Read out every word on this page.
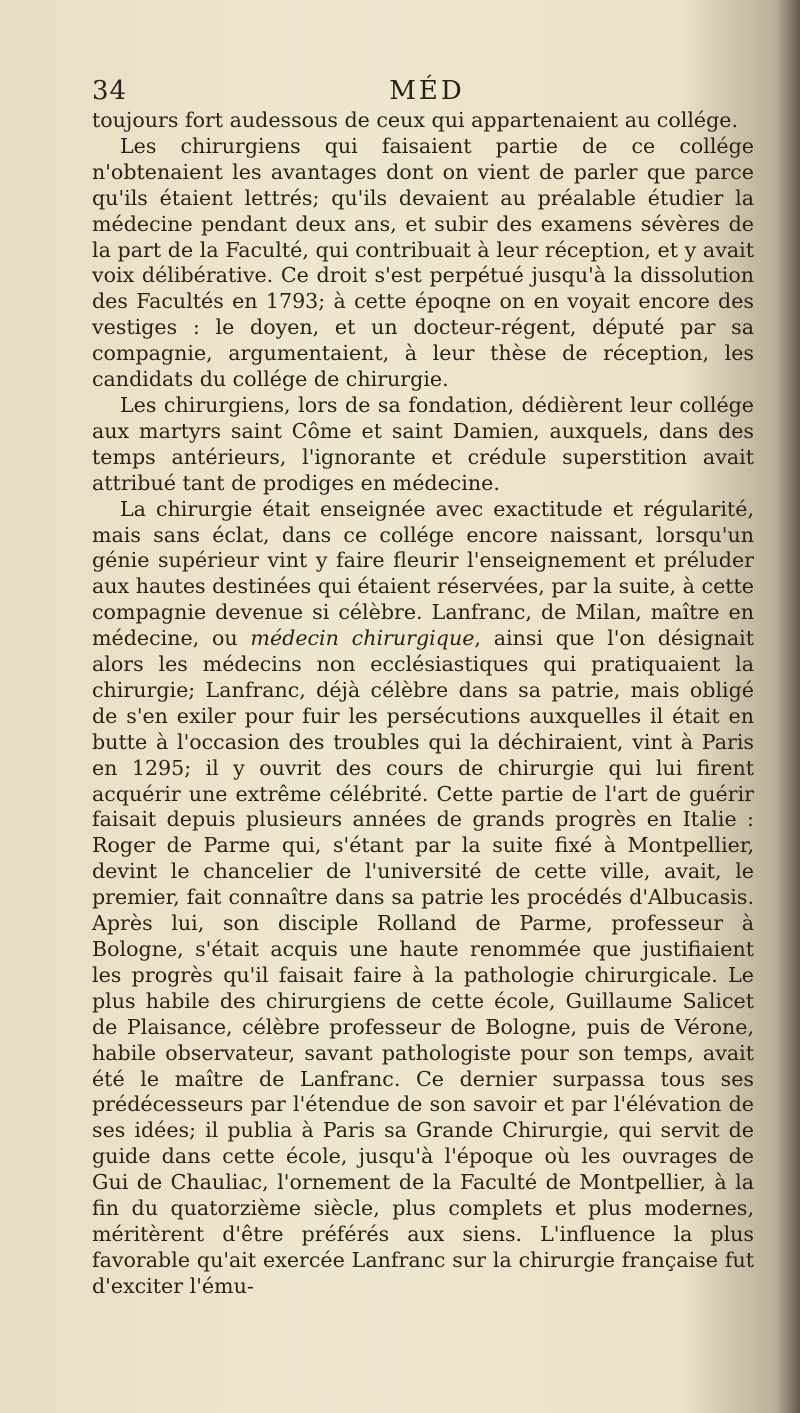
34	MÉD

toujours fort audessous de ceux qui appartenaient au collége.

Les chirurgiens qui faisaient partie de ce collége n'obtenaient les avantages dont on vient de parler que parce qu'ils étaient lettrés; qu'ils devaient au préalable étudier la médecine pendant deux ans, et subir des examens sévères de la part de la Faculté, qui contribuait à leur réception, et y avait voix délibérative. Ce droit s'est perpétué jusqu'à la dissolution des Facultés en 1793; à cette époqne on en voyait encore des vestiges : le doyen, et un docteur-régent, député par sa compagnie, argumentaient, à leur thèse de réception, les candidats du collége de chirurgie.

Les chirurgiens, lors de sa fondation, dédièrent leur collége aux martyrs saint Côme et saint Damien, auxquels, dans des temps antérieurs, l'ignorante et crédule superstition avait attribué tant de prodiges en médecine.

La chirurgie était enseignée avec exactitude et régularité, mais sans éclat, dans ce collége encore naissant, lorsqu'un génie supérieur vint y faire fleurir l'enseignement et préluder aux hautes destinées qui étaient réservées, par la suite, à cette compagnie devenue si célèbre. Lanfranc, de Milan, maître en médecine, ou médecin chirurgique, ainsi que l'on désignait alors les médecins non ecclésiastiques qui pratiquaient la chirurgie; Lanfranc, déjà célèbre dans sa patrie, mais obligé de s'en exiler pour fuir les persécutions auxquelles il était en butte à l'occasion des troubles qui la déchiraient, vint à Paris en 1295; il y ouvrit des cours de chirurgie qui lui firent acquérir une extrême célébrité. Cette partie de l'art de guérir faisait depuis plusieurs années de grands progrès en Italie : Roger de Parme qui, s'étant par la suite fixé à Montpellier, devint le chancelier de l'université de cette ville, avait, le premier, fait connaître dans sa patrie les procédés d'Albucasis. Après lui, son disciple Rolland de Parme, professeur à Bologne, s'était acquis une haute renommée que justifiaient les progrès qu'il faisait faire à la pathologie chirurgicale. Le plus habile des chirurgiens de cette école, Guillaume Salicet de Plaisance, célèbre professeur de Bologne, puis de Vérone, habile observateur, savant pathologiste pour son temps, avait été le maître de Lanfranc. Ce dernier surpassa tous ses prédécesseurs par l'étendue de son savoir et par l'élévation de ses idées; il publia à Paris sa Grande Chirurgie, qui servit de guide dans cette école, jusqu'à l'époque où les ouvrages de Gui de Chauliac, l'ornement de la Faculté de Montpellier, à la fin du quatorzième siècle, plus complets et plus modernes, méritèrent d'être préférés aux siens. L'influence la plus favorable qu'ait exercée Lanfranc sur la chirurgie française fut d'exciter l'ému-
